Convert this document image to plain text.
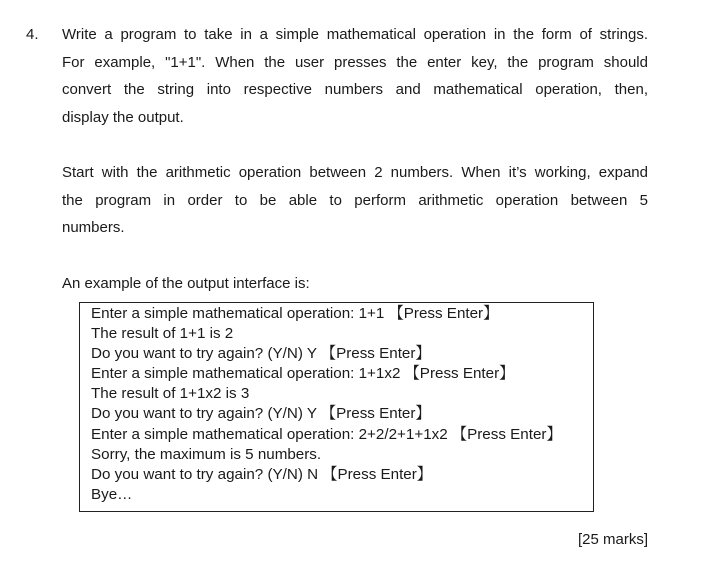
4. Write a program to take in a simple mathematical operation in the form of strings.
For example, "1+1". When the user presses the enter key, the program should
convert the string into respective numbers and mathematical operation, then,
display the output.

Start with the arithmetic operation between 2 numbers. When it’s working, expand
the program in order to be able to perform arithmetic operation between 5
numbers.

An example of the output interface is:
Enter a simple mathematical operation: 1+1 【Press Enter】
The result of 1+1 is 2
Do you want to try again? (Y/N) Y 【Press Enter】
Enter a simple mathematical operation: 1+1x2 【Press Enter】
The result of 1+1x2 is 3
Do you want to try again? (Y/N) Y 【Press Enter】
Enter a simple mathematical operation: 2+2/2+1+1x2 【Press Enter】
Sorry, the maximum is 5 numbers.
Do you want to try again? (Y/N) N 【Press Enter】
Bye…
[25 marks]
